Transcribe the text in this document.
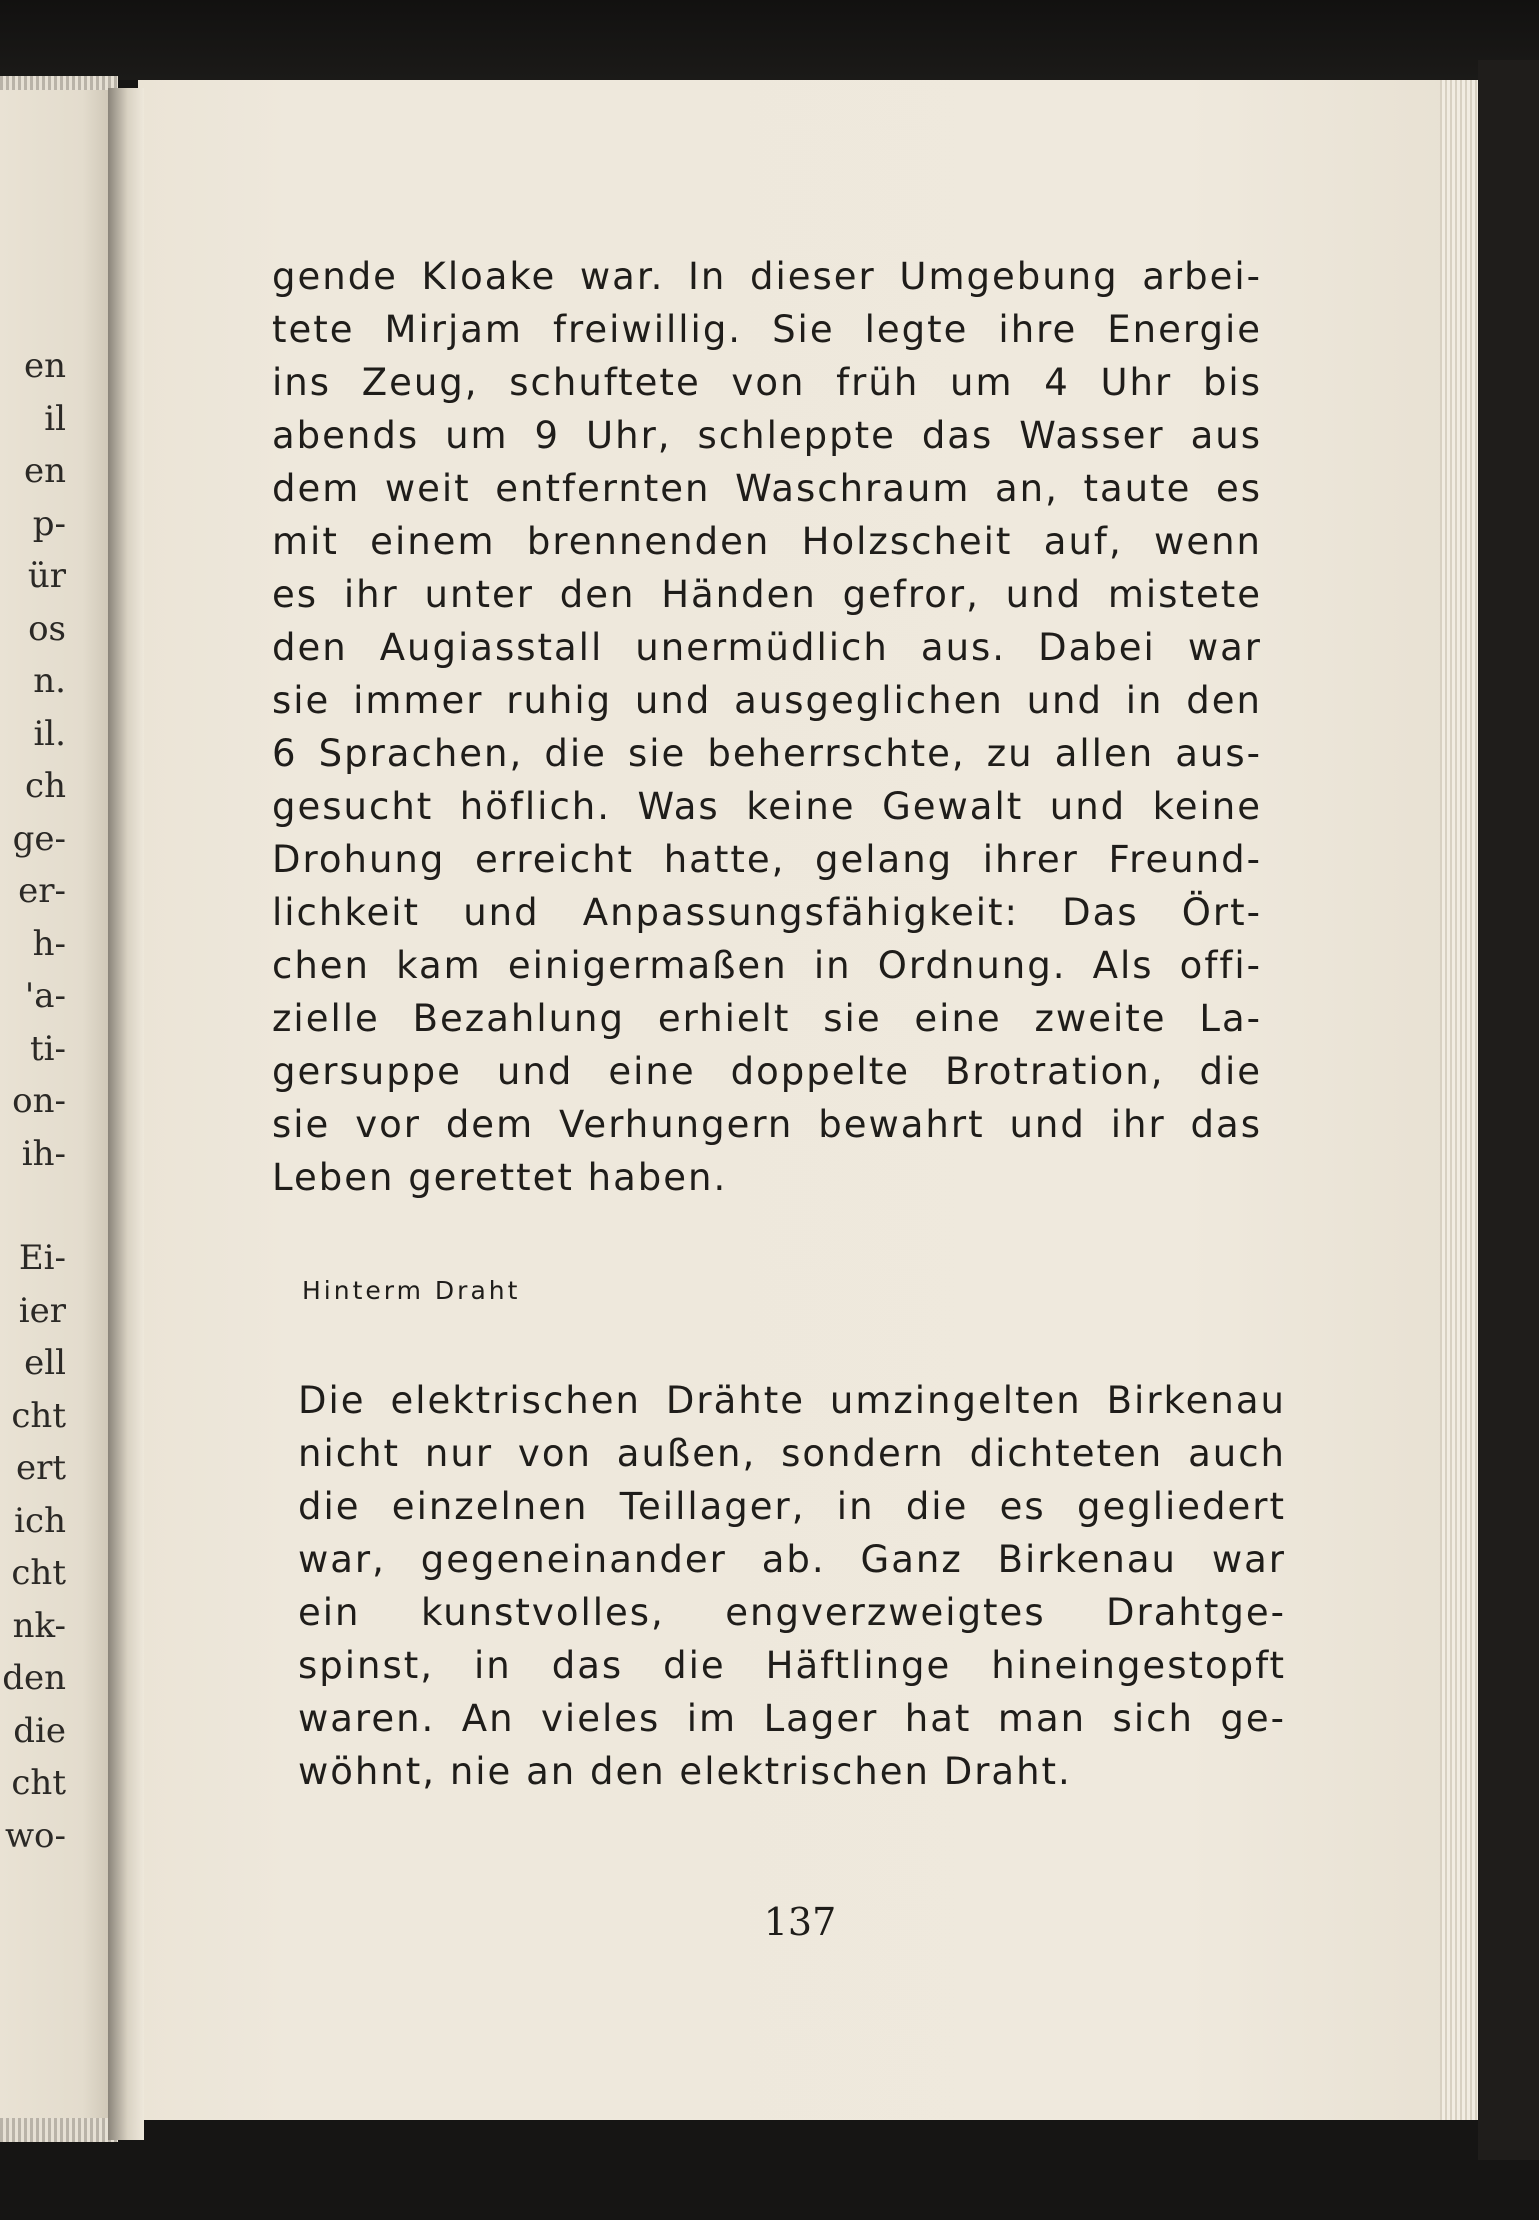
en
il
en
p-
ür
os
n.
il.
ch
ge-
er-
h-
'a-
ti-
on-
ih-
Ei-
ier
ell
cht
ert
ich
cht
nk-
den
die
cht
wo-
gende Kloake war. In dieser Umgebung arbei-
tete Mirjam freiwillig. Sie legte ihre Energie
ins Zeug, schuftete von früh um 4 Uhr bis
abends um 9 Uhr, schleppte das Wasser aus
dem weit entfernten Waschraum an, taute es
mit einem brennenden Holzscheit auf, wenn
es ihr unter den Händen gefror, und mistete
den Augiasstall unermüdlich aus. Dabei war
sie immer ruhig und ausgeglichen und in den
6 Sprachen, die sie beherrschte, zu allen aus-
gesucht höflich. Was keine Gewalt und keine
Drohung erreicht hatte, gelang ihrer Freund-
lichkeit und Anpassungsfähigkeit: Das Ört-
chen kam einigermaßen in Ordnung. Als offi-
zielle Bezahlung erhielt sie eine zweite La-
gersuppe und eine doppelte Brotration, die
sie vor dem Verhungern bewahrt und ihr das
Leben gerettet haben.
Hinterm Draht
Die elektrischen Drähte umzingelten Birkenau
nicht nur von außen, sondern dichteten auch
die einzelnen Teillager, in die es gegliedert
war, gegeneinander ab. Ganz Birkenau war
ein kunstvolles, engverzweigtes Drahtge-
spinst, in das die Häftlinge hineingestopft
waren. An vieles im Lager hat man sich ge-
wöhnt, nie an den elektrischen Draht.
137
